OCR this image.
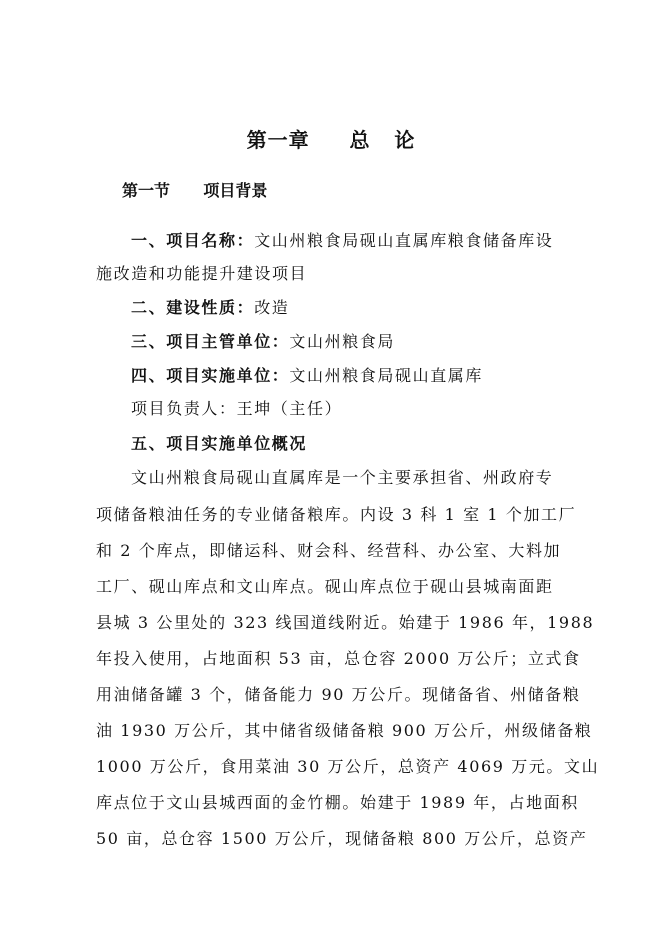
第一章     总   论
第一节      项目背景
一、项目名称：文山州粮食局砚山直属库粮食储备库设
施改造和功能提升建设项目
二、建设性质：改造
三、项目主管单位：文山州粮食局
四、项目实施单位：文山州粮食局砚山直属库
项目负责人：王坤（主任）
五、项目实施单位概况
文山州粮食局砚山直属库是一个主要承担省、州政府专
项储备粮油任务的专业储备粮库。内设 3 科 1 室 1 个加工厂
和 2 个库点，即储运科、财会科、经营科、办公室、大料加
工厂、砚山库点和文山库点。砚山库点位于砚山县城南面距
县城 3 公里处的 323 线国道线附近。始建于 1986 年，1988
年投入使用，占地面积 53 亩，总仓容 2000 万公斤；立式食
用油储备罐 3 个，储备能力 90 万公斤。现储备省、州储备粮
油 1930 万公斤，其中储省级储备粮 900 万公斤，州级储备粮
1000 万公斤，食用菜油 30 万公斤，总资产 4069 万元。文山
库点位于文山县城西面的金竹棚。始建于 1989 年，占地面积
50 亩，总仓容 1500 万公斤，现储备粮 800 万公斤，总资产
